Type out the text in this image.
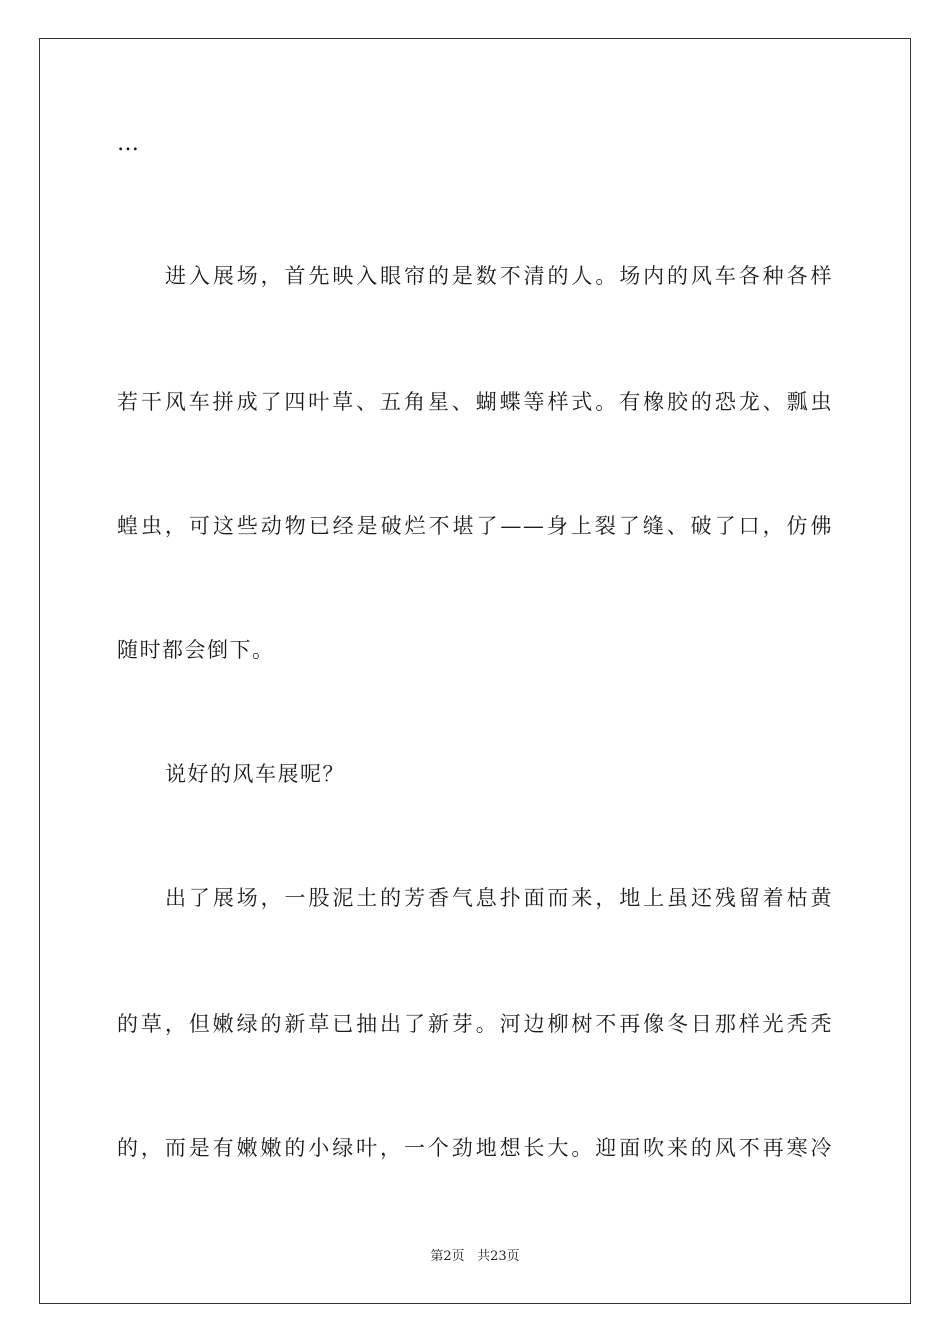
…
进入展场，首先映入眼帘的是数不清的人。场内的风车各种各样
若干风车拼成了四叶草、五角星、蝴蝶等样式。有橡胶的恐龙、瓢虫
蝗虫，可这些动物已经是破烂不堪了——身上裂了缝、破了口，仿佛
随时都会倒下。
说好的风车展呢？
出了展场，一股泥土的芳香气息扑面而来，地上虽还残留着枯黄
的草，但嫩绿的新草已抽出了新芽。河边柳树不再像冬日那样光秃秃
的，而是有嫩嫩的小绿叶，一个劲地想长大。迎面吹来的风不再寒冷
第2页 共23页
